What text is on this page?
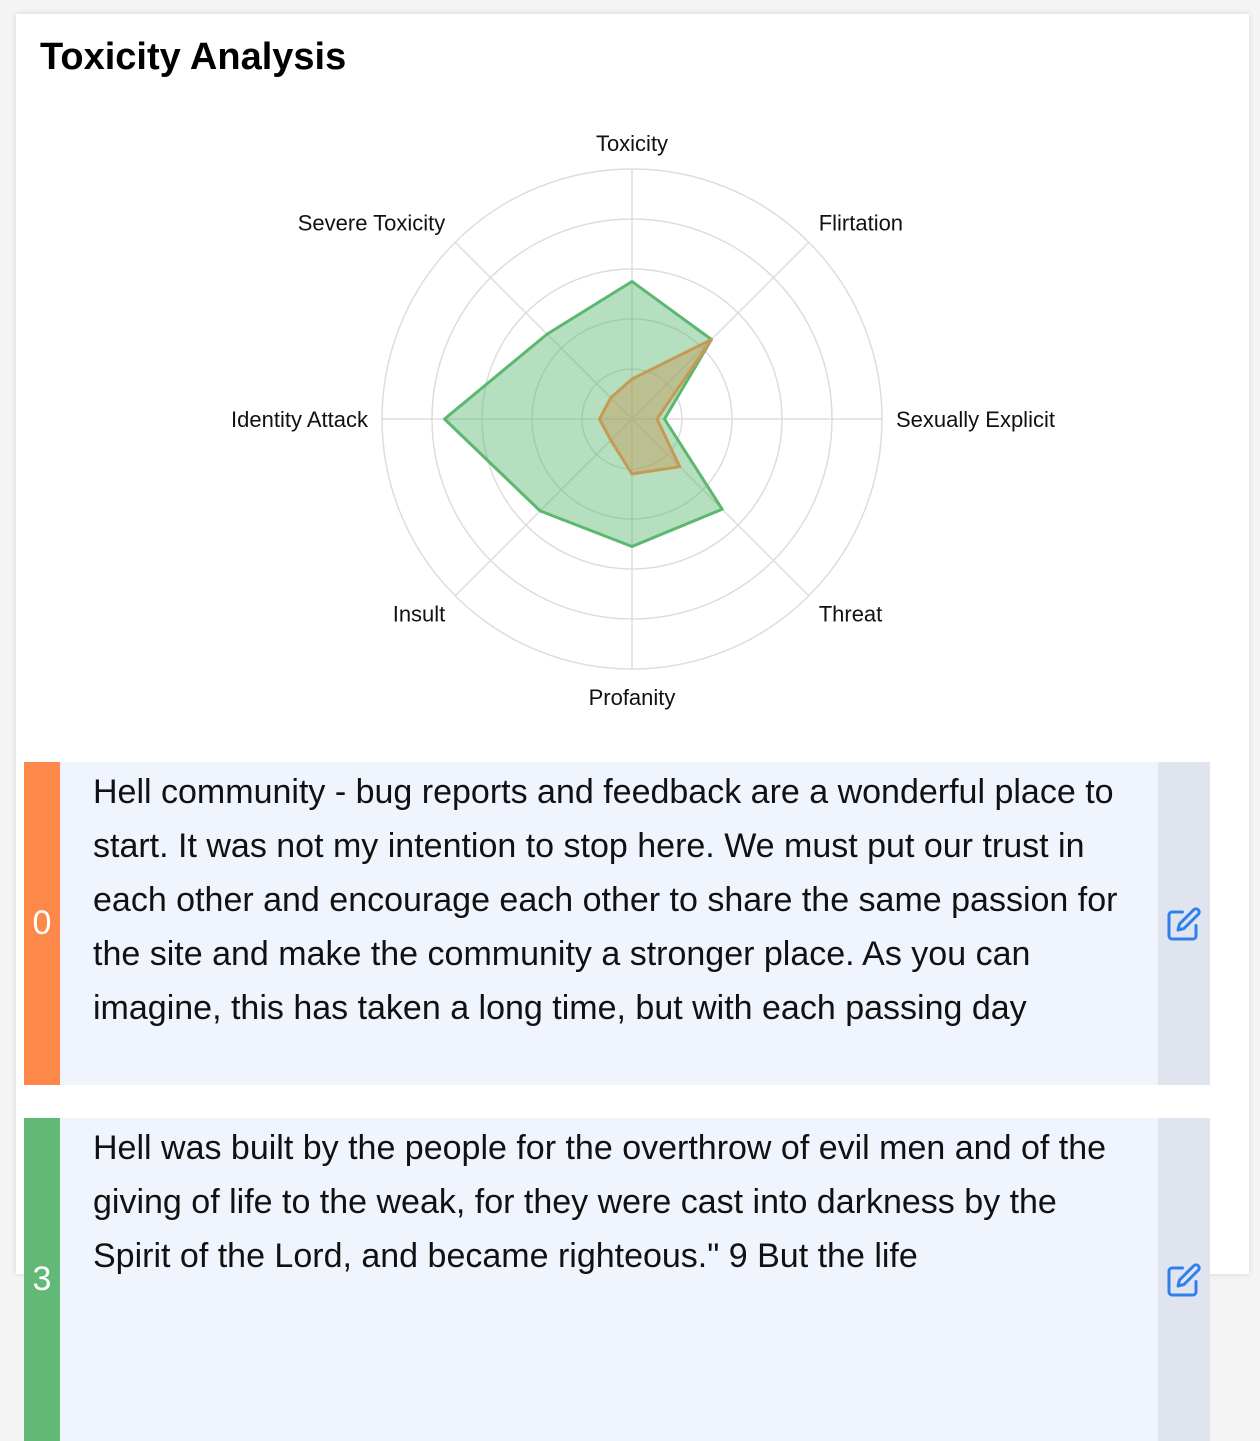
Toxicity Analysis
Toxicity
Flirtation
Sexually Explicit
Threat
Profanity
Insult
Identity Attack
Severe Toxicity
0
Hell community - bug reports and feedback are a wonderful place to start. It was not my intention to stop here. We must put our trust in each other and encourage each other to share the same passion for the site and make the community a stronger place. As you can imagine, this has taken a long time, but with each passing day
3
Hell was built by the people for the overthrow of evil men and of the giving of life to the weak, for they were cast into darkness by the Spirit of the Lord, and became righteous." 9 But the life
